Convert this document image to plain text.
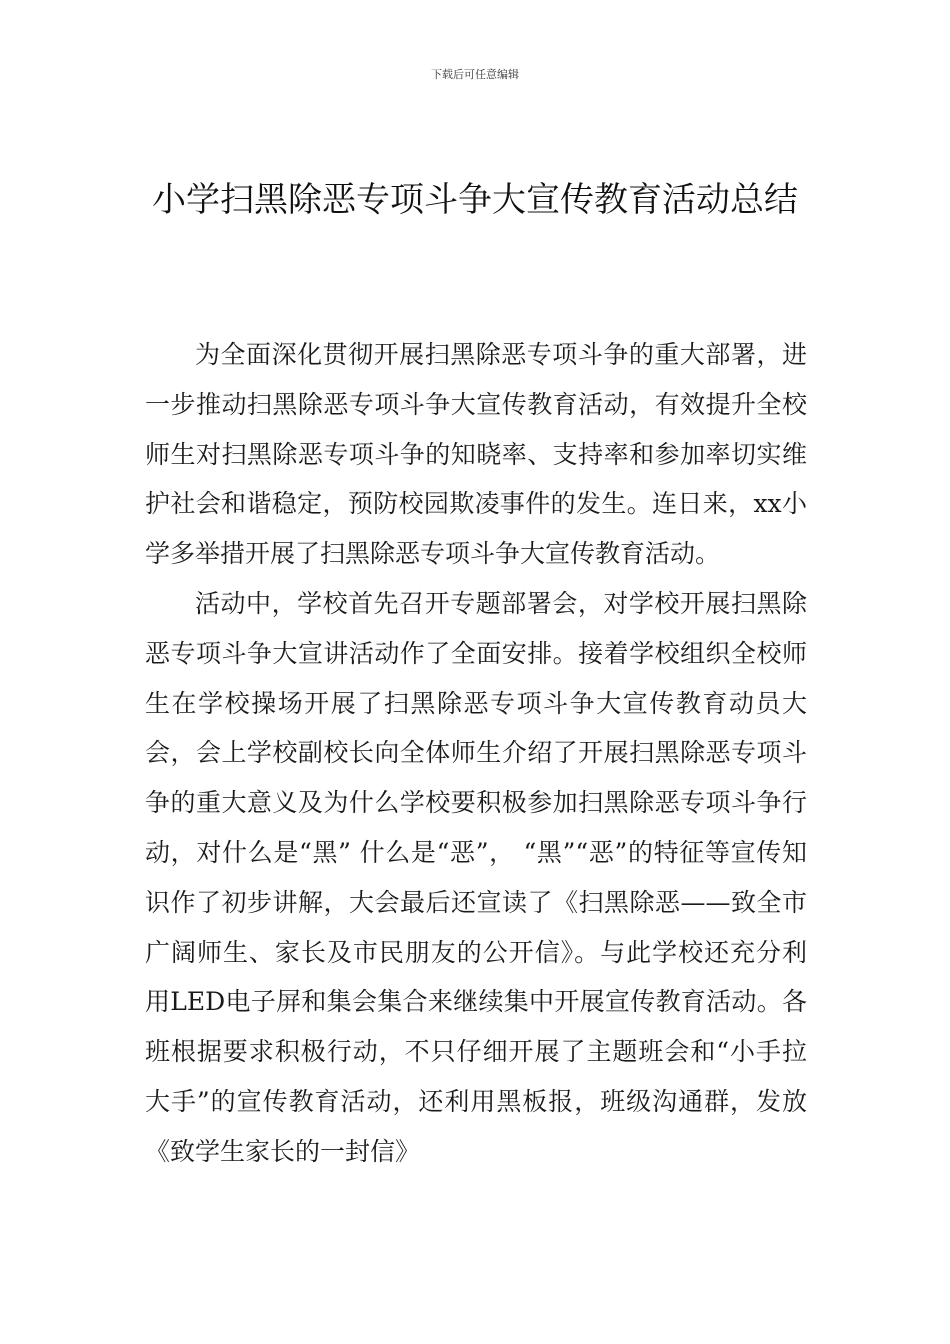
下载后可任意编辑
小学扫黑除恶专项斗争大宣传教育活动总结

为全面深化贯彻开展扫黑除恶专项斗争的重大部署，进一步推动扫黑除恶专项斗争大宣传教育活动，有效提升全校师生对扫黑除恶专项斗争的知晓率、支持率和参加率切实维护社会和谐稳定，预防校园欺凌事件的发生。连日来，xx小学多举措开展了扫黑除恶专项斗争大宣传教育活动。

活动中，学校首先召开专题部署会，对学校开展扫黑除恶专项斗争大宣讲活动作了全面安排。接着学校组织全校师生在学校操场开展了扫黑除恶专项斗争大宣传教育动员大会，会上学校副校长向全体师生介绍了开展扫黑除恶专项斗争的重大意义及为什么学校要积极参加扫黑除恶专项斗争行动，对什么是“黑” 什么是“恶”， “黑”“恶”的特征等宣传知识作了初步讲解，大会最后还宣读了《扫黑除恶——致全市广阔师生、家长及市民朋友的公开信》。与此学校还充分利用LED电子屏和集会集合来继续集中开展宣传教育活动。各班根据要求积极行动，不只仔细开展了主题班会和“小手拉大手”的宣传教育活动，还利用黑板报，班级沟通群，发放《致学生家长的一封信》
